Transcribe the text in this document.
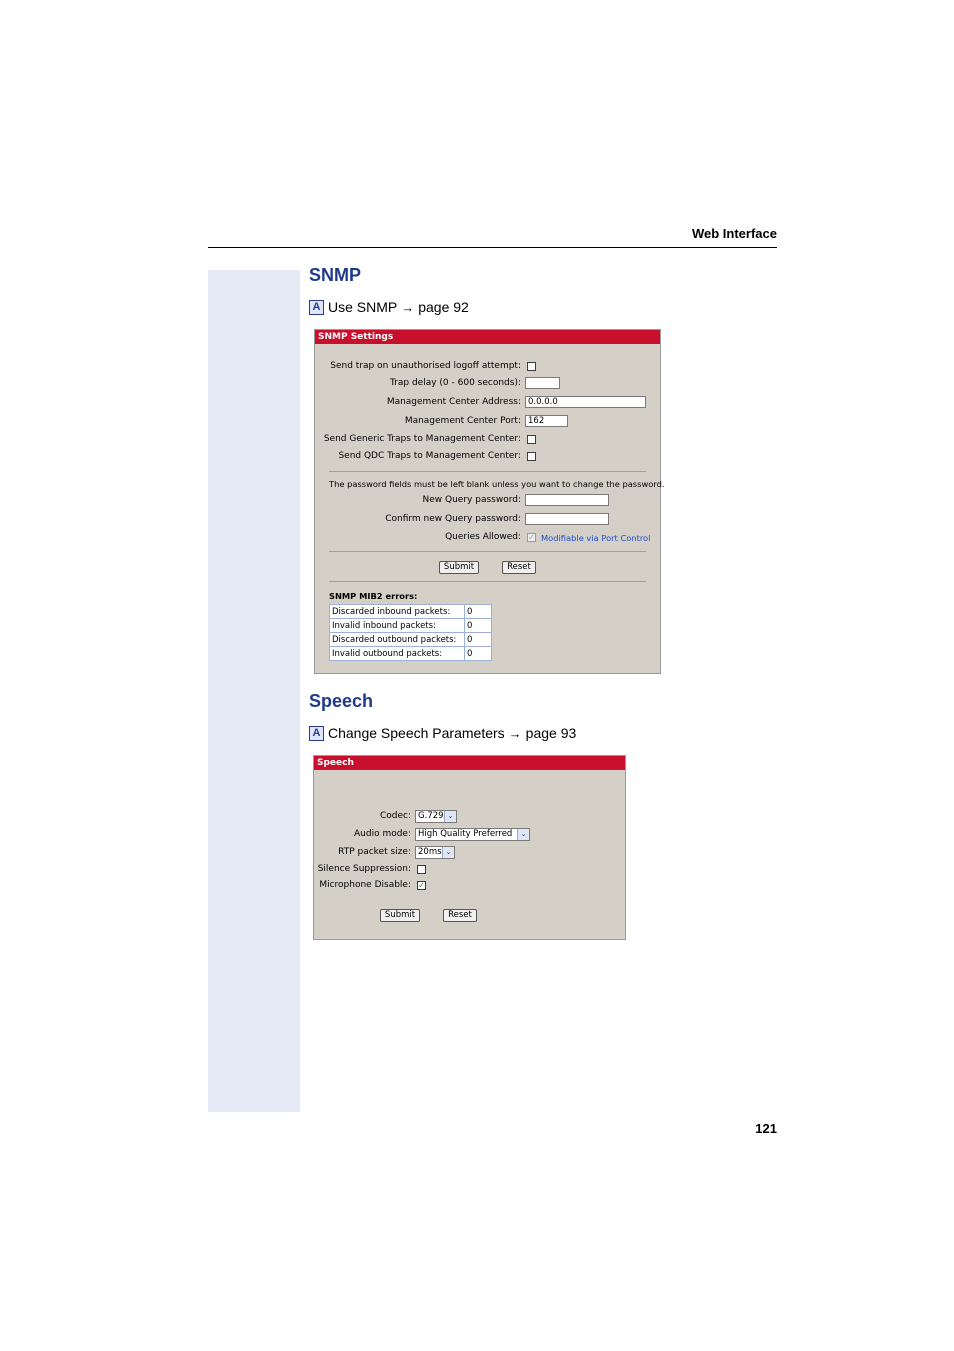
Web Interface
121
SNMP
A Use SNMP → page 92
SNMP Settings
Send trap on unauthorised logoff attempt:
Trap delay (0 - 600 seconds):
Management Center Address: 0.0.0.0
Management Center Port: 162
Send Generic Traps to Management Center:
Send QDC Traps to Management Center:
The password fields must be left blank unless you want to change the password.
New Query password:
Confirm new Query password:
Queries Allowed: ✓ Modifiable via Port Control
Submit	Reset
SNMP MIB2 errors:
Discarded inbound packets:	0
Invalid inbound packets:	0
Discarded outbound packets:	0
Invalid outbound packets:	0
Speech
A Change Speech Parameters → page 93
Speech
Codec: G.729 ⌄
Audio mode: High Quality Preferred	⌄
RTP packet size: 20ms ⌄
Silence Suppression:
Microphone Disable: ✓
Submit	Reset
